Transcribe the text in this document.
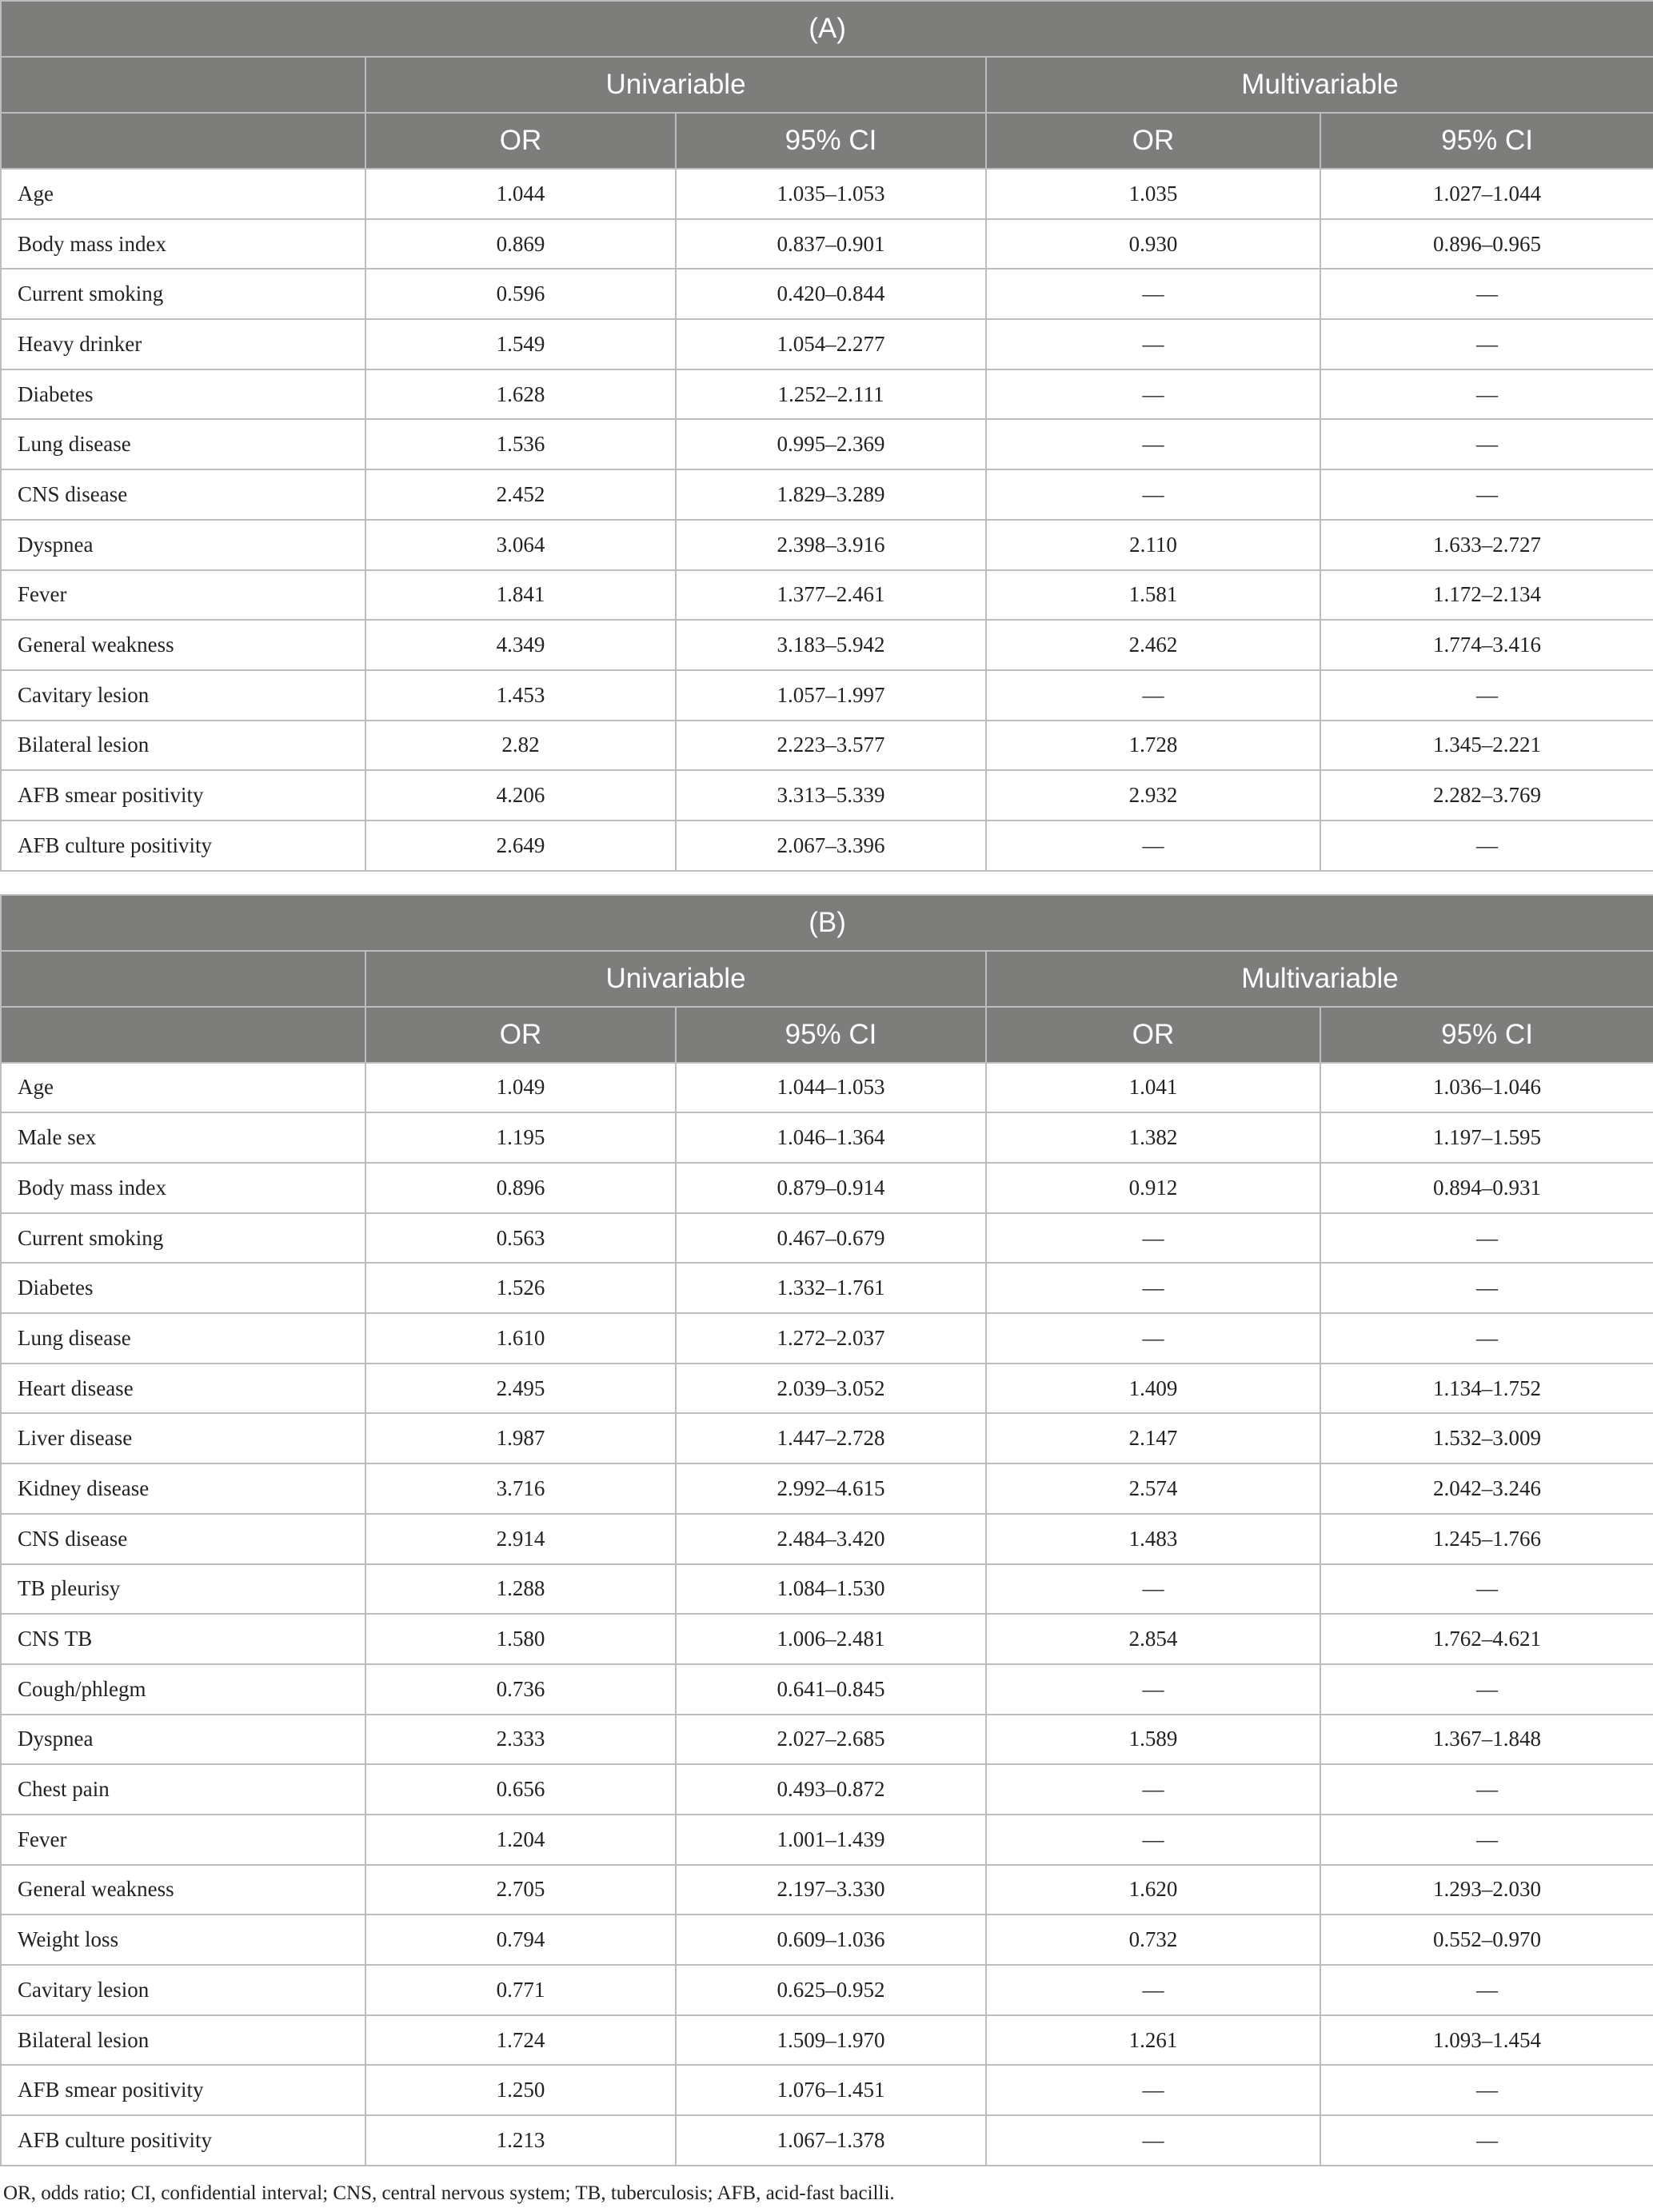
(A)				
	Univariable		Multivariable	
	OR	95% CI	OR	95% CI
Age	1.044	1.035–1.053	1.035	1.027–1.044
Body mass index	0.869	0.837–0.901	0.930	0.896–0.965
Current smoking	0.596	0.420–0.844	—	—
Heavy drinker	1.549	1.054–2.277	—	—
Diabetes	1.628	1.252–2.111	—	—
Lung disease	1.536	0.995–2.369	—	—
CNS disease	2.452	1.829–3.289	—	—
Dyspnea	3.064	2.398–3.916	2.110	1.633–2.727
Fever	1.841	1.377–2.461	1.581	1.172–2.134
General weakness	4.349	3.183–5.942	2.462	1.774–3.416
Cavitary lesion	1.453	1.057–1.997	—	—
Bilateral lesion	2.82	2.223–3.577	1.728	1.345–2.221
AFB smear positivity	4.206	3.313–5.339	2.932	2.282–3.769
AFB culture positivity	2.649	2.067–3.396	—	—
(B)				
	Univariable		Multivariable	
	OR	95% CI	OR	95% CI
Age	1.049	1.044–1.053	1.041	1.036–1.046
Male sex	1.195	1.046–1.364	1.382	1.197–1.595
Body mass index	0.896	0.879–0.914	0.912	0.894–0.931
Current smoking	0.563	0.467–0.679	—	—
Diabetes	1.526	1.332–1.761	—	—
Lung disease	1.610	1.272–2.037	—	—
Heart disease	2.495	2.039–3.052	1.409	1.134–1.752
Liver disease	1.987	1.447–2.728	2.147	1.532–3.009
Kidney disease	3.716	2.992–4.615	2.574	2.042–3.246
CNS disease	2.914	2.484–3.420	1.483	1.245–1.766
TB pleurisy	1.288	1.084–1.530	—	—
CNS TB	1.580	1.006–2.481	2.854	1.762–4.621
Cough/phlegm	0.736	0.641–0.845	—	—
Dyspnea	2.333	2.027–2.685	1.589	1.367–1.848
Chest pain	0.656	0.493–0.872	—	—
Fever	1.204	1.001–1.439	—	—
General weakness	2.705	2.197–3.330	1.620	1.293–2.030
Weight loss	0.794	0.609–1.036	0.732	0.552–0.970
Cavitary lesion	0.771	0.625–0.952	—	—
Bilateral lesion	1.724	1.509–1.970	1.261	1.093–1.454
AFB smear positivity	1.250	1.076–1.451	—	—
AFB culture positivity	1.213	1.067–1.378	—	—
OR, odds ratio; CI, confidential interval; CNS, central nervous system; TB, tuberculosis; AFB, acid-fast bacilli.
